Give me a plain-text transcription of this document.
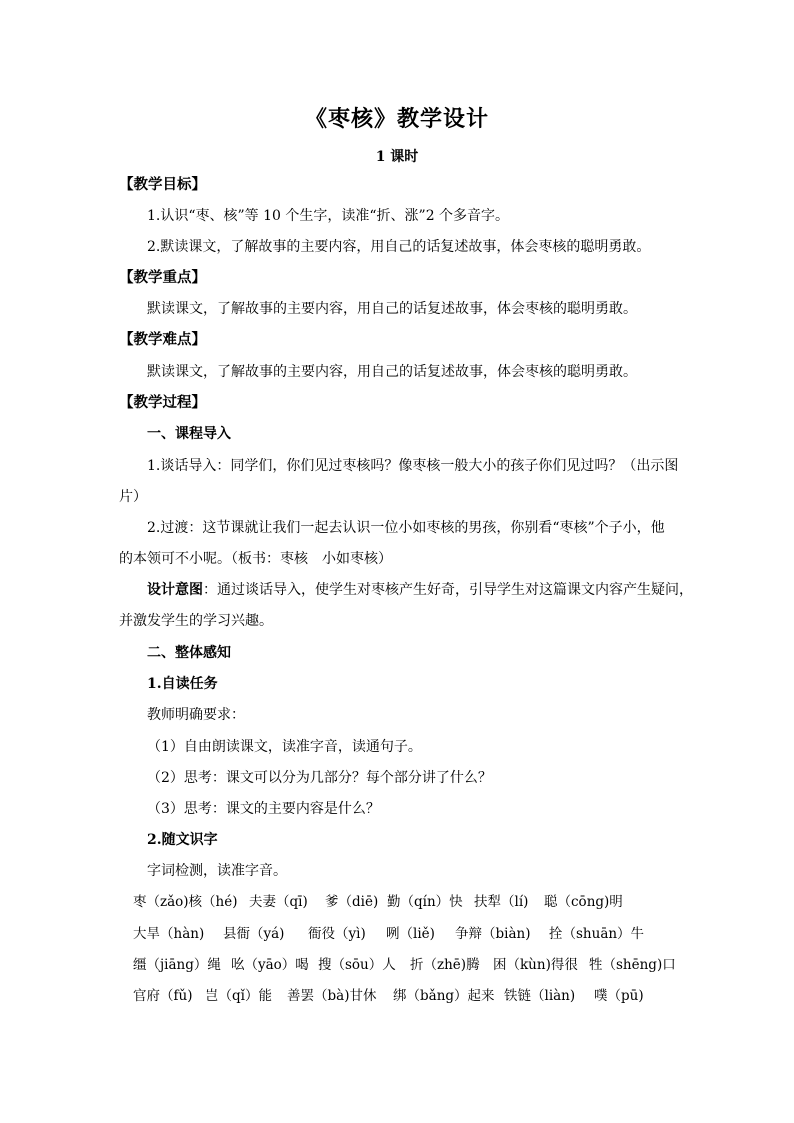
《枣核》教学设计
1 课时
【教学目标】
1.认识“枣、核”等 10 个生字，读准“折、涨”2 个多音字。
2.默读课文，了解故事的主要内容，用自己的话复述故事，体会枣核的聪明勇敢。
【教学重点】
默读课文，了解故事的主要内容，用自己的话复述故事，体会枣核的聪明勇敢。
【教学难点】
默读课文，了解故事的主要内容，用自己的话复述故事，体会枣核的聪明勇敢。
【教学过程】
一、课程导入
1.谈话导入：同学们，你们见过枣核吗？像枣核一般大小的孩子你们见过吗？（出示图
片）
2.过渡：这节课就让我们一起去认识一位小如枣核的男孩，你别看“枣核”个子小，他
的本领可不小呢。（板书：枣核　小如枣核）
设计意图：通过谈话导入，使学生对枣核产生好奇，引导学生对这篇课文内容产生疑问，
并激发学生的学习兴趣。
二、整体感知
1.自读任务
教师明确要求：
（1）自由朗读课文，读准字音，读通句子。
（2）思考：课文可以分为几部分？每个部分讲了什么？
（3）思考：课文的主要内容是什么？
2.随文识字
字词检测，读准字音。
枣（zǎo)核（hé) 夫妻（qī) 爹（diē) 勤（qín）快 扶犁（lí) 聪（cōng)明
大旱（hàn) 县衙（yá) 衙役（yì) 咧（liě) 争辩（biàn) 拴（shuān）牛
缰（jiāng）绳 吆（yāo）喝 搜（sōu）人 折（zhē)腾 困（kùn)得很 牲（shēng)口
官府（fǔ) 岂（qǐ）能 善罢（bà)甘休 绑（bǎng）起来 铁链（liàn) 噗（pū)
